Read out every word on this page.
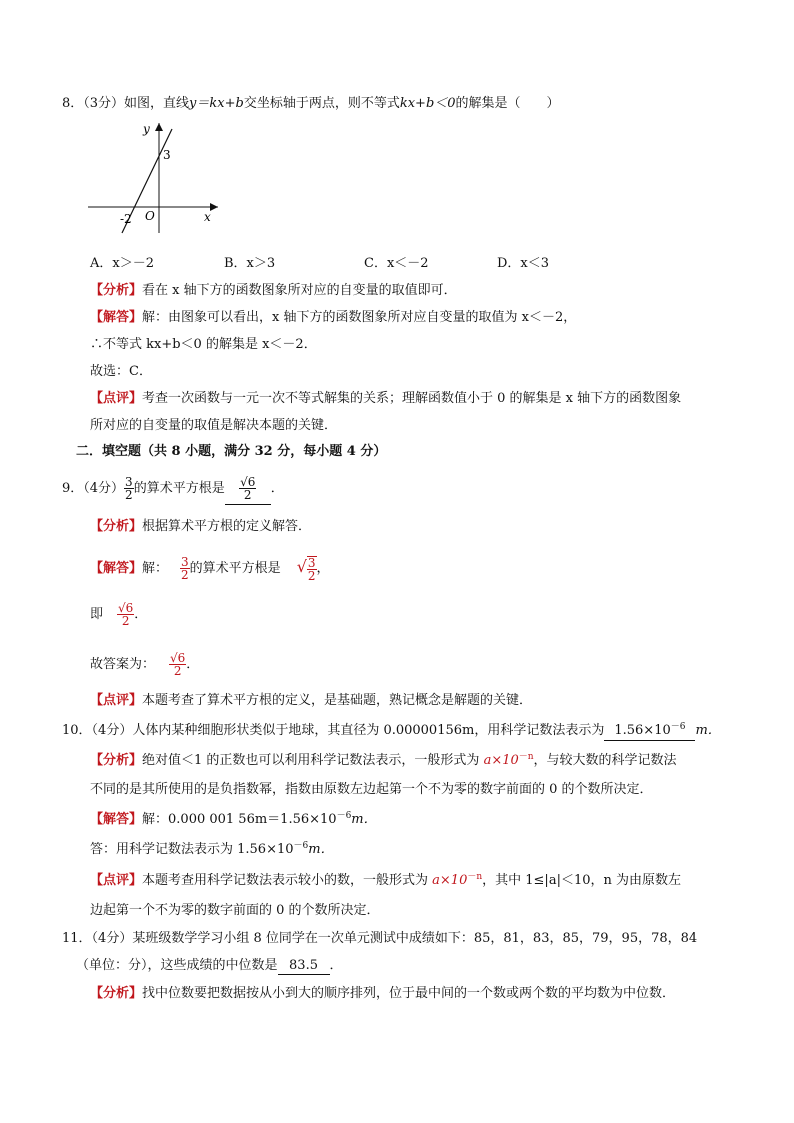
8．（3分）如图，直线y＝kx+b交坐标轴于两点，则不等式kx+b＜0的解集是（　　）
y
x
O
3
-2
A．x＞－2	B．x＞3	C．x＜－2	D．x＜3
【分析】看在 x 轴下方的函数图象所对应的自变量的取值即可．
【解答】解：由图象可以看出，x 轴下方的函数图象所对应自变量的取值为 x＜－2，
∴不等式 kx+b＜0 的解集是 x＜－2．
故选：C．
【点评】考查一次函数与一元一次不等式解集的关系；理解函数值小于 0 的解集是 x 轴下方的函数图象
所对应的自变量的取值是解决本题的关键．
二．填空题（共 8 小题，满分 32 分，每小题 4 分）
9．（4分） $\frac{3}{2}$ 的算术平方根是 $\frac{√6}{2}$ ．
【分析】根据算术平方根的定义解答．
【解答】解： $\frac{3}{2}$ 的算术平方根是 √ $\frac{3}{2}$ ，
即 $\frac{√6}{2}$ ．
故答案为： $\frac{√6}{2}$ ．
【点评】本题考查了算术平方根的定义，是基础题，熟记概念是解题的关键．
10．（4分）人体内某种细胞形状类似于地球，其直径为 0.00000156m，用科学记数法表示为 $1.56\times 10^{-6}$ m．
【分析】绝对值＜1 的正数也可以利用科学记数法表示，一般形式为 $a\times 10^{-n}$，与较大数的科学记数法
不同的是其所使用的是负指数幂，指数由原数左边起第一个不为零的数字前面的 0 的个数所决定．
【解答】解：0.000 001 $56m=1.56\times 10^{-6}m$．
答：用科学记数法表示为 $1.56\times 10^{-6}m$．
【点评】本题考查用科学记数法表示较小的数，一般形式为 $a\times 10^{-n}$，其中 1≤|a|＜10，n 为由原数左
边起第一个不为零的数字前面的 0 的个数所决定．
11．（4分）某班级数学学习小组 8 位同学在一次单元测试中成绩如下：85，81，83，85，79，95，78，84
（单位：分），这些成绩的中位数是 83.5 ．
【分析】找中位数要把数据按从小到大的顺序排列，位于最中间的一个数或两个数的平均数为中位数．
